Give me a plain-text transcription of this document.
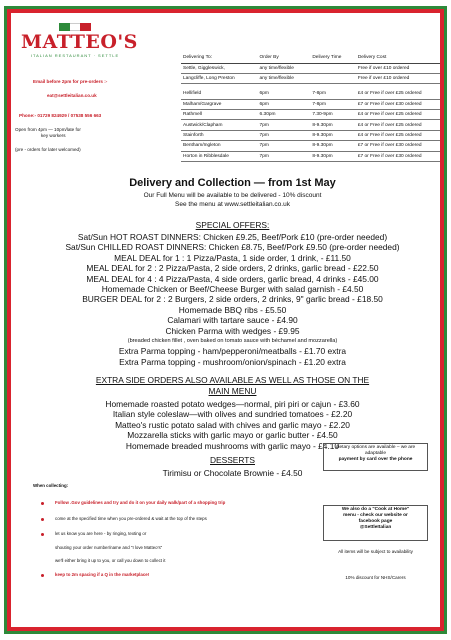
MATTEO'S
ITALIAN RESTAURANT · SETTLE
Email before 2pm for pre-orders :-
eat@settleitalian.co.uk
Phone:- 01729 824929 / 07538 556 663
Open from 4pm — 10pm/late for
key workers
(pre - orders for later welcomed)
Delivering To:	Order By	Delivery Time	Delivery Cost
Settle, Giggleswick,	any time/flexible		Free if over £10 ordered
Langcliffe, Long Preston	any time/flexible		Free if over £10 ordered

Hellifield	6pm	7-8pm	£4 or Free if over £25 ordered
Malham/Gargrave	6pm	7-8pm	£7 or Free if over £30 ordered
Rathmell	6.30pm	7.30-9pm	£4 or Free if over £25 ordered
Austwick/Clapham	7pm	8-9.30pm	£4 or Free if over £25 ordered
Stainforth	7pm	8-9.30pm	£4 or Free if over £25 ordered
Bentham/Ingleton	7pm	8-9.30pm	£7 or Free if over £30 ordered
Horton in Ribblesdale	7pm	8-9.30pm	£7 or Free if over £30 ordered
Delivery and Collection — from 1st May
Our Full Menu will be available to be delivered - 10% discount
See the menu at www.settleitalian.co.uk
SPECIAL OFFERS:
Sat/Sun HOT ROAST DINNERS: Chicken £9.25, Beef/Pork £10 (pre-order needed)
Sat/Sun CHILLED ROAST DINNERS: Chicken £8.75, Beef/Pork £9.50 (pre-order needed)
MEAL DEAL for 1 : 1 Pizza/Pasta, 1 side order, 1 drink, - £11.50
MEAL DEAL for 2 : 2 Pizza/Pasta, 2 side orders, 2 drinks, garlic bread - £22.50
MEAL DEAL for 4 : 4 Pizza/Pasta, 4 side orders, garlic bread, 4 drinks - £45.00
Homemade Chicken or Beef/Cheese Burger with salad garnish - £4.50
BURGER DEAL for 2 : 2 Burgers, 2 side orders, 2 drinks, 9" garlic bread - £18.50
Homemade BBQ ribs - £5.50
Calamari with tartare sauce - £4.90
Chicken Parma with wedges - £9.95
(breaded chicken fillet , oven baked on tomato sauce with béchamel and mozzarella)
Extra Parma topping - ham/pepperoni/meatballs - £1.70 extra
Extra Parma topping - mushroom/onion/spinach - £1.20 extra
EXTRA SIDE ORDERS ALSO AVAILABLE AS WELL AS THOSE ON THE
MAIN MENU
Homemade roasted potato wedges—normal, piri piri or cajun - £3.60
Italian style coleslaw—with olives and sundried tomatoes - £2.20
Matteo's rustic potato salad with chives and garlic mayo - £2.20
Mozzarella sticks with garlic mayo or garlic butter - £4.50
Homemade breaded mushrooms with garlic mayo - £4.10
DESSERTS
Tirimisu or Chocolate Brownie - £4.50
dietary options are available – we are
adaptable
payment by card over the phone
We also do a "Cook at Home"
menu - check our website or
facebook page
@SettleItalian
All items will be subject to availability
10% discount for NHS/Carers
When collecting:
Follow .Gov guidelines and try and do it on your daily walk/part of a shopping trip
come at the specified time when you pre-ordered & wait at the top of the steps
let us know you are here - by ringing, texting or
shouting your order number/name and "I love Matteo's"
we'll either bring it up to you, or call you down to collect it
keep to 2m spacing if a Q in the marketplace!
